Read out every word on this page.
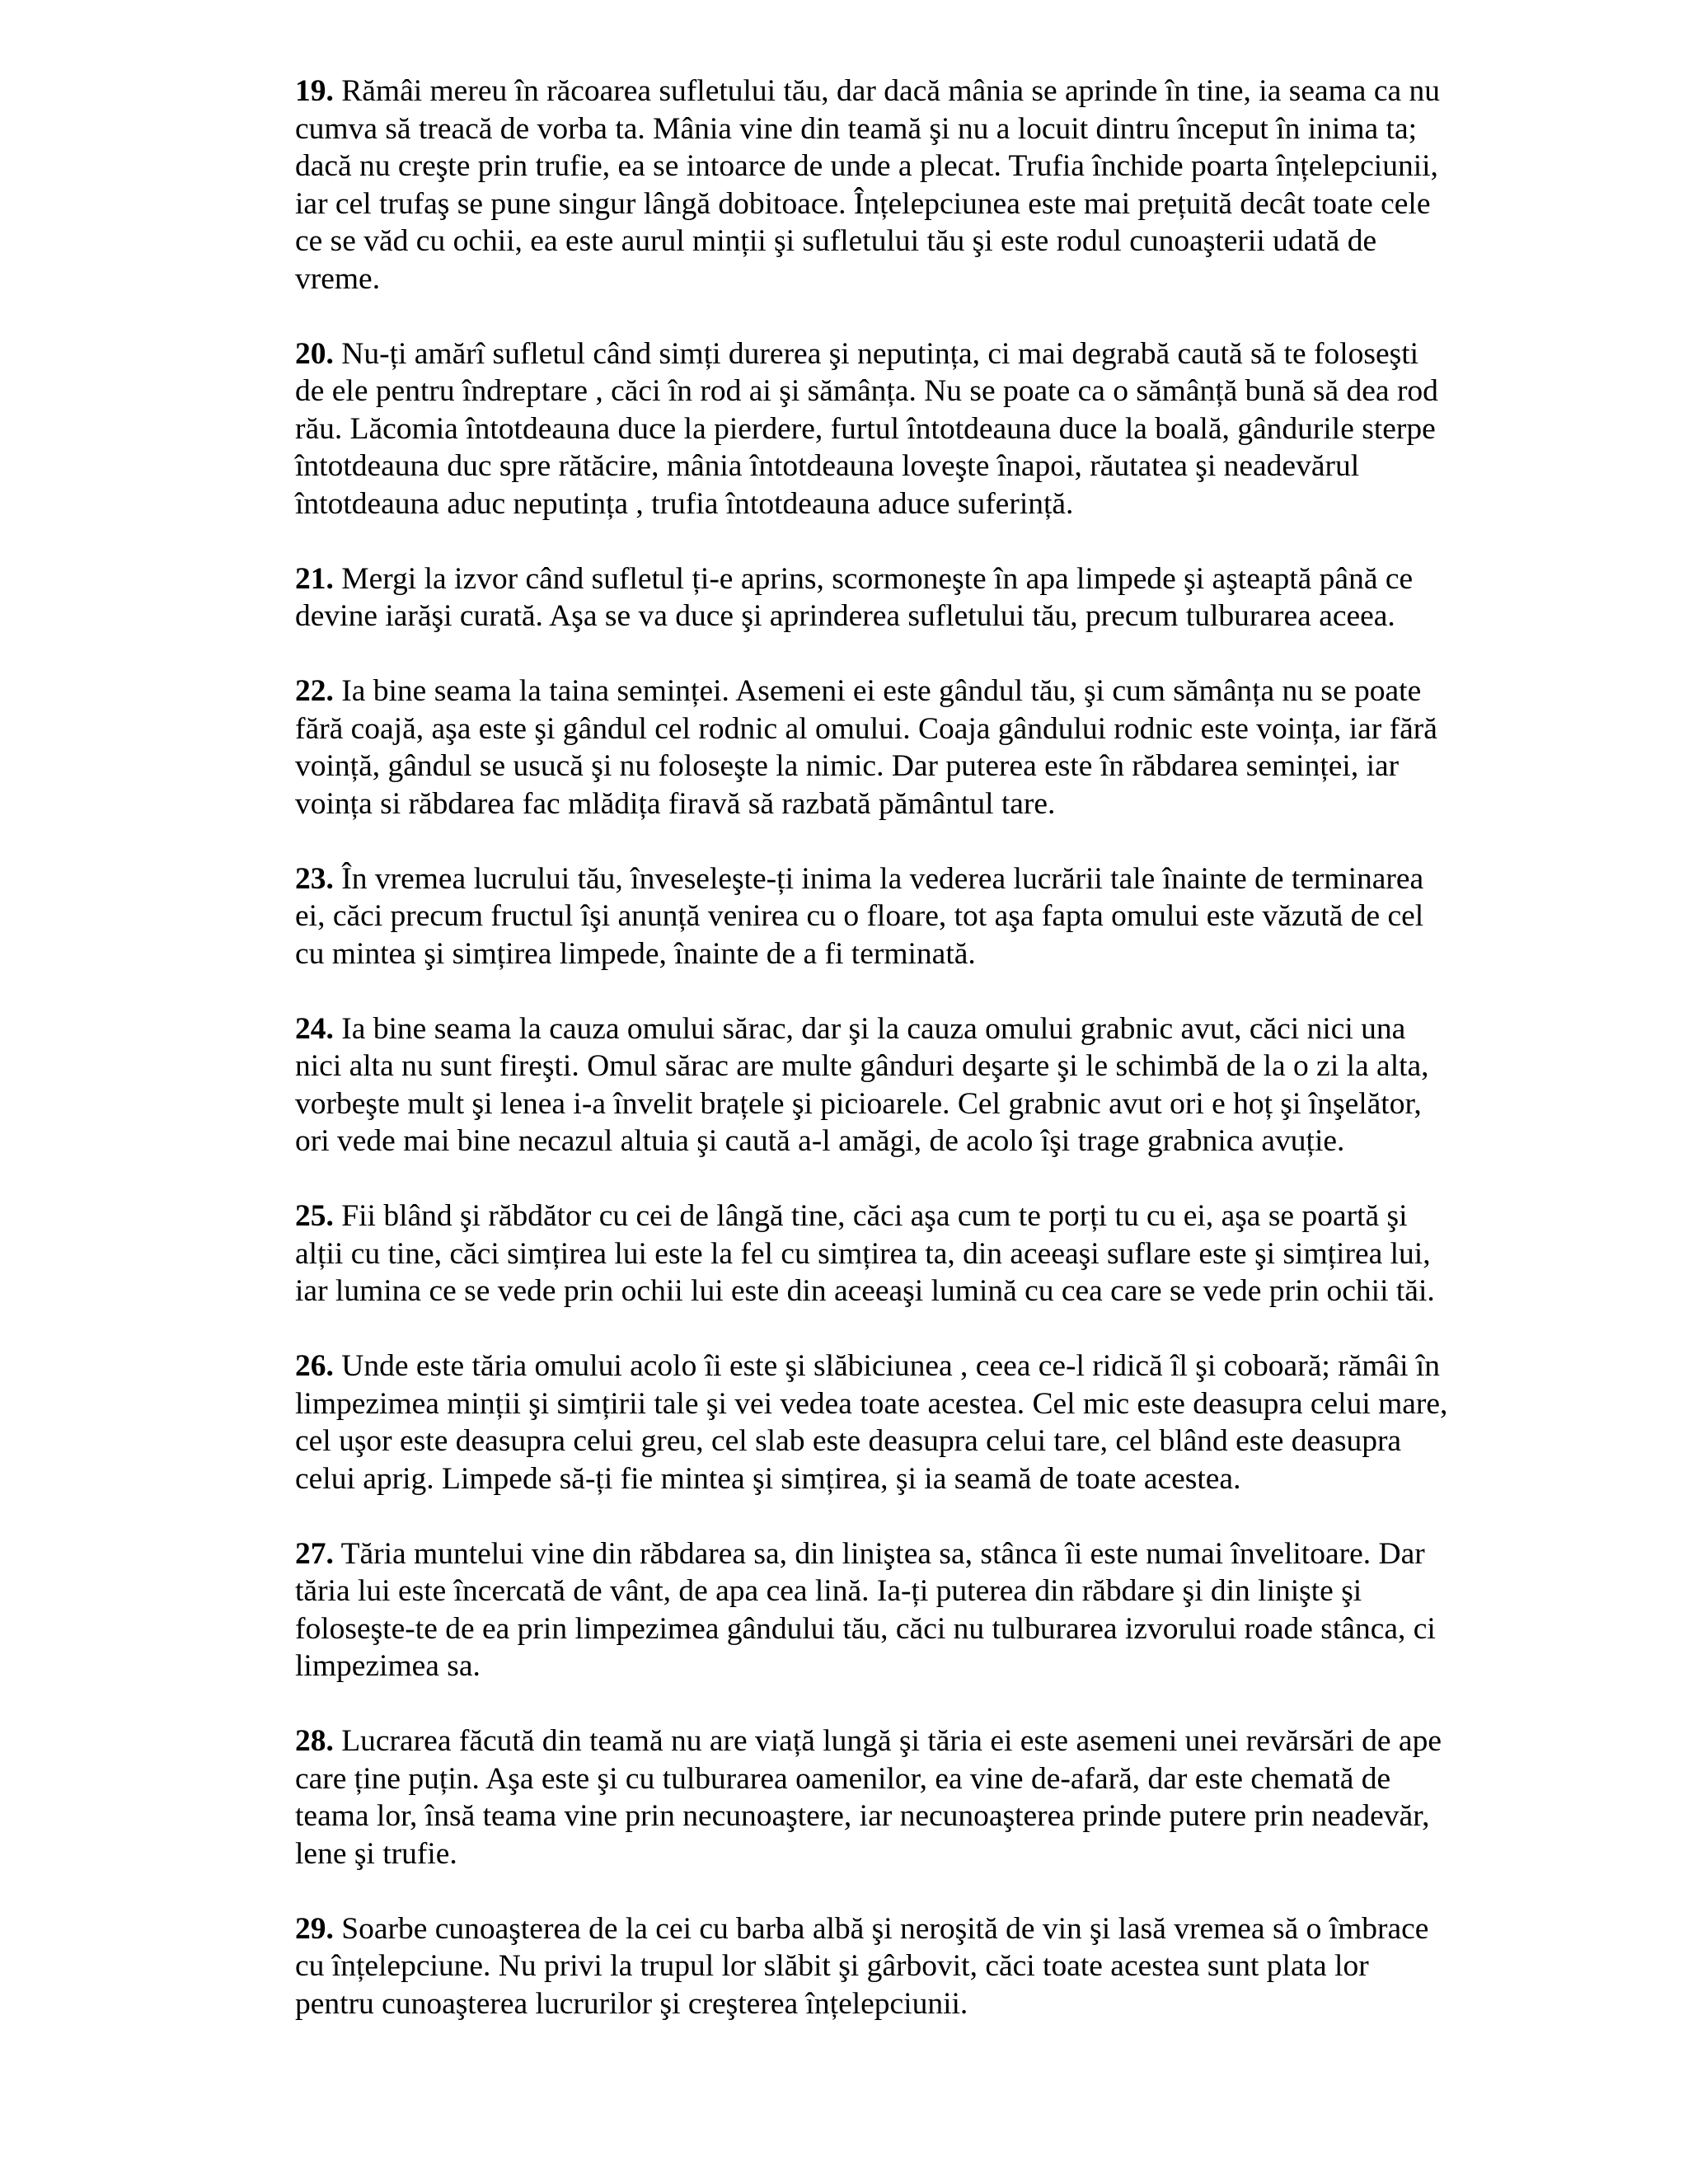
19. Rămâi mereu în răcoarea sufletului tău, dar dacă mânia se aprinde în tine, ia seama ca nu
cumva să treacă de vorba ta. Mânia vine din teamă şi nu a locuit dintru început în inima ta;
dacă nu creşte prin trufie, ea se intoarce de unde a plecat. Trufia închide poarta înțelepciunii,
iar cel trufaş se pune singur lângă dobitoace. Înțelepciunea este mai prețuită decât toate cele
ce se văd cu ochii, ea este aurul minții şi sufletului tău şi este rodul cunoaşterii udată de
vreme.
20. Nu-ți amărî sufletul când simți durerea şi neputința, ci mai degrabă caută să te foloseşti
de ele pentru îndreptare , căci în rod ai şi sămânța. Nu se poate ca o sămânță bună să dea rod
rău. Lăcomia întotdeauna duce la pierdere, furtul întotdeauna duce la boală, gândurile sterpe
întotdeauna duc spre rătăcire, mânia întotdeauna loveşte înapoi, răutatea şi neadevărul
întotdeauna aduc neputința , trufia întotdeauna aduce suferință.
21. Mergi la izvor când sufletul ți-e aprins, scormoneşte în apa limpede şi aşteaptă până ce
devine iarăşi curată. Aşa se va duce şi aprinderea sufletului tău, precum tulburarea aceea.
22. Ia bine seama la taina seminței. Asemeni ei este gândul tău, şi cum sămânța nu se poate
fără coajă, aşa este şi gândul cel rodnic al omului. Coaja gândului rodnic este voința, iar fără
voință, gândul se usucă şi nu foloseşte la nimic. Dar puterea este în răbdarea seminței, iar
voința si răbdarea fac mlădița firavă să razbată pământul tare.
23. În vremea lucrului tău, înveseleşte-ți inima la vederea lucrării tale înainte de terminarea
ei, căci precum fructul îşi anunță venirea cu o floare, tot aşa fapta omului este văzută de cel
cu mintea şi simțirea limpede, înainte de a fi terminată.
24. Ia bine seama la cauza omului sărac, dar şi la cauza omului grabnic avut, căci nici una
nici alta nu sunt fireşti. Omul sărac are multe gânduri deşarte şi le schimbă de la o zi la alta,
vorbeşte mult şi lenea i-a învelit brațele şi picioarele. Cel grabnic avut ori e hoț şi înşelător,
ori vede mai bine necazul altuia şi caută a-l amăgi, de acolo îşi trage grabnica avuție.
25. Fii blând şi răbdător cu cei de lângă tine, căci aşa cum te porți tu cu ei, aşa se poartă şi
alții cu tine, căci simțirea lui este la fel cu simțirea ta, din aceeaşi suflare este şi simțirea lui,
iar lumina ce se vede prin ochii lui este din aceeaşi lumină cu cea care se vede prin ochii tăi.
26. Unde este tăria omului acolo îi este şi slăbiciunea , ceea ce-l ridică îl şi coboară; rămâi în
limpezimea minții şi simțirii tale şi vei vedea toate acestea. Cel mic este deasupra celui mare,
cel uşor este deasupra celui greu, cel slab este deasupra celui tare, cel blând este deasupra
celui aprig. Limpede să-ți fie mintea şi simțirea, şi ia seamă de toate acestea.
27. Tăria muntelui vine din răbdarea sa, din liniştea sa, stânca îi este numai învelitoare. Dar
tăria lui este încercată de vânt, de apa cea lină. Ia-ți puterea din răbdare şi din linişte şi
foloseşte-te de ea prin limpezimea gândului tău, căci nu tulburarea izvorului roade stânca, ci
limpezimea sa.
28. Lucrarea făcută din teamă nu are viață lungă şi tăria ei este asemeni unei revărsări de ape
care ține puțin. Aşa este şi cu tulburarea oamenilor, ea vine de-afară, dar este chemată de
teama lor, însă teama vine prin necunoaştere, iar necunoaşterea prinde putere prin neadevăr,
lene şi trufie.
29. Soarbe cunoaşterea de la cei cu barba albă şi neroşită de vin şi lasă vremea să o îmbrace
cu înțelepciune. Nu privi la trupul lor slăbit şi gârbovit, căci toate acestea sunt plata lor
pentru cunoaşterea lucrurilor şi creşterea înțelepciunii.
